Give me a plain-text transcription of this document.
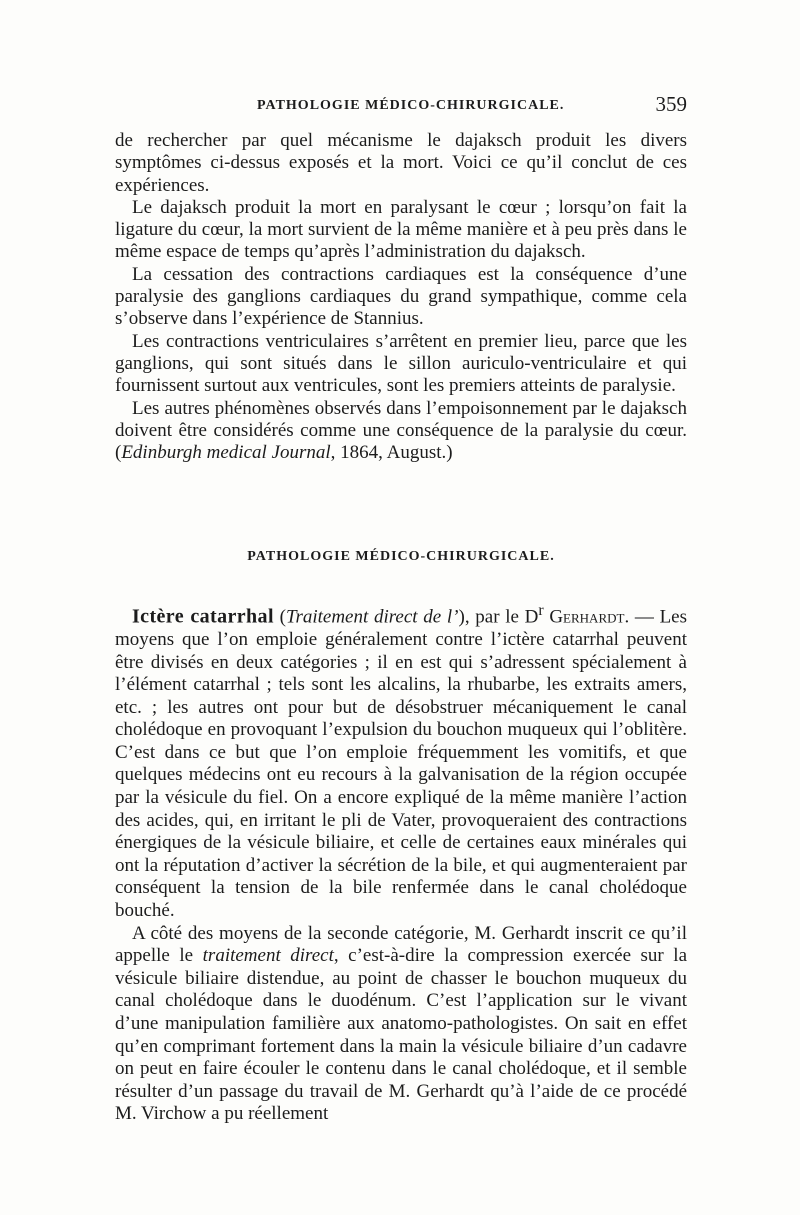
PATHOLOGIE MÉDICO-CHIRURGICALE.	359

de rechercher par quel mécanisme le dajaksch produit les divers symptômes ci-dessus exposés et la mort. Voici ce qu’il conclut de ces expériences.

Le dajaksch produit la mort en paralysant le cœur ; lorsqu’on fait la ligature du cœur, la mort survient de la même manière et à peu près dans le même espace de temps qu’après l’administration du dajaksch.

La cessation des contractions cardiaques est la conséquence d’une paralysie des ganglions cardiaques du grand sympathique, comme cela s’observe dans l’expérience de Stannius.

Les contractions ventriculaires s’arrêtent en premier lieu, parce que les ganglions, qui sont situés dans le sillon auriculo-ventriculaire et qui fournissent surtout aux ventricules, sont les premiers atteints de paralysie.

Les autres phénomènes observés dans l’empoisonnement par le dajaksch doivent être considérés comme une conséquence de la paralysie du cœur. (Edinburgh medical Journal, 1864, August.)

PATHOLOGIE MÉDICO-CHIRURGICALE.

Ictère catarrhal (Traitement direct de l’), par le $D^r$ Gerhardt. — Les moyens que l’on emploie généralement contre l’ictère catarrhal peuvent être divisés en deux catégories ; il en est qui s’adressent spécialement à l’élément catarrhal ; tels sont les alcalins, la rhubarbe, les extraits amers, etc. ; les autres ont pour but de désobstruer mécaniquement le canal cholédoque en provoquant l’expulsion du bouchon muqueux qui l’oblitère. C’est dans ce but que l’on emploie fréquemment les vomitifs, et que quelques médecins ont eu recours à la galvanisation de la région occupée par la vésicule du fiel. On a encore expliqué de la même manière l’action des acides, qui, en irritant le pli de Vater, provoqueraient des contractions énergiques de la vésicule biliaire, et celle de certaines eaux minérales qui ont la réputation d’activer la sécrétion de la bile, et qui augmenteraient par conséquent la tension de la bile renfermée dans le canal cholédoque bouché.

A côté des moyens de la seconde catégorie, M. Gerhardt inscrit ce qu’il appelle le traitement direct, c’est-à-dire la compression exercée sur la vésicule biliaire distendue, au point de chasser le bouchon muqueux du canal cholédoque dans le duodénum. C’est l’application sur le vivant d’une manipulation familière aux anatomo-pathologistes. On sait en effet qu’en comprimant fortement dans la main la vésicule biliaire d’un cadavre on peut en faire écouler le contenu dans le canal cholédoque, et il semble résulter d’un passage du travail de M. Gerhardt qu’à l’aide de ce procédé M. Virchow a pu réellement
